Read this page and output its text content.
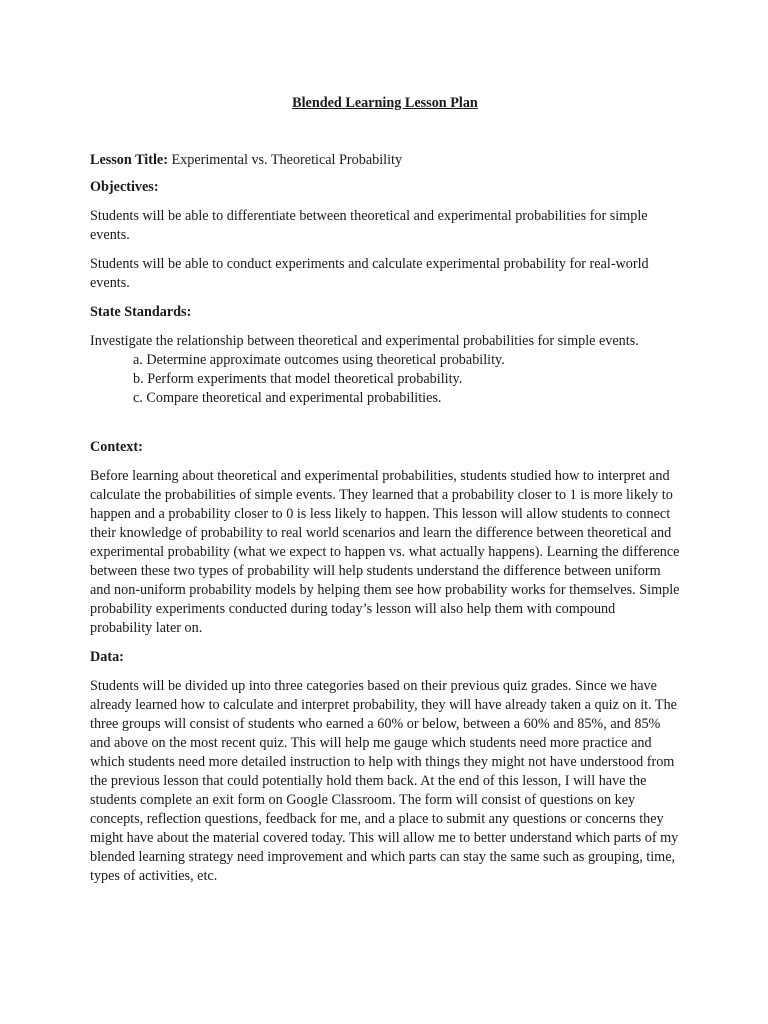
Blended Learning Lesson Plan

Lesson Title: Experimental vs. Theoretical Probability

Objectives:

Students will be able to differentiate between theoretical and experimental probabilities for simple events.

Students will be able to conduct experiments and calculate experimental probability for real-world events.

State Standards:

Investigate the relationship between theoretical and experimental probabilities for simple events.

a. Determine approximate outcomes using theoretical probability.
b. Perform experiments that model theoretical probability.
c. Compare theoretical and experimental probabilities.

Context:

Before learning about theoretical and experimental probabilities, students studied how to interpret and calculate the probabilities of simple events. They learned that a probability closer to 1 is more likely to happen and a probability closer to 0 is less likely to happen. This lesson will allow students to connect their knowledge of probability to real world scenarios and learn the difference between theoretical and experimental probability (what we expect to happen vs. what actually happens). Learning the difference between these two types of probability will help students understand the difference between uniform and non-uniform probability models by helping them see how probability works for themselves. Simple probability experiments conducted during today’s lesson will also help them with compound probability later on.

Data:

Students will be divided up into three categories based on their previous quiz grades. Since we have already learned how to calculate and interpret probability, they will have already taken a quiz on it. The three groups will consist of students who earned a 60% or below, between a 60% and 85%, and 85% and above on the most recent quiz. This will help me gauge which students need more practice and which students need more detailed instruction to help with things they might not have understood from the previous lesson that could potentially hold them back. At the end of this lesson, I will have the students complete an exit form on Google Classroom. The form will consist of questions on key concepts, reflection questions, feedback for me, and a place to submit any questions or concerns they might have about the material covered today. This will allow me to better understand which parts of my blended learning strategy need improvement and which parts can stay the same such as grouping, time, types of activities, etc.
